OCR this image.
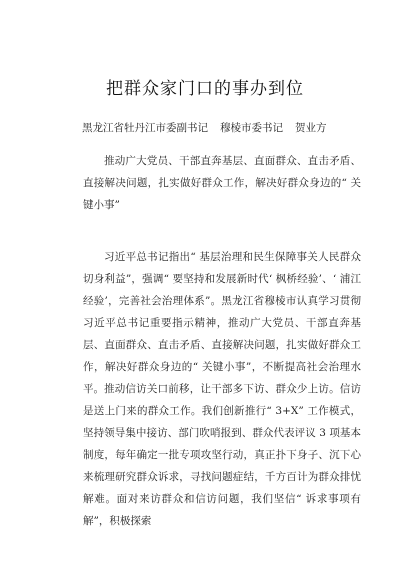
把群众家门口的事办到位
黑龙江省牡丹江市委副书记 穆棱市委书记 贺业方
推动广大党员、干部直奔基层、直面群众、直击矛盾、直接解决问题，扎实做好群众工作，解决好群众身边的“ 关键小事”
习近平总书记指出“ 基层治理和民生保障事关人民群众切身利益”，强调“ 要坚持和发展新时代‘ 枫桥经验’、‘ 浦江经验’，完善社会治理体系”。黑龙江省穆棱市认真学习贯彻习近平总书记重要指示精神，推动广大党员、干部直奔基层、直面群众、直击矛盾、直接解决问题，扎实做好群众工作，解决好群众身边的“ 关键小事”，不断提高社会治理水平。 推动信访关口前移，让干部多下访、群众少上访。信访是送上门来的群众工作。我们创新推行“ 3+X” 工作模式，坚持领导集中接访、部门吹哨报到、群众代表评议 3 项基本制度，每年确定一批专项攻坚行动，真正扑下身子、沉下心来梳理研究群众诉求，寻找问题症结，千方百计为群众排忧解难。面对来访群众和信访问题，我们坚信“ 诉求事项有解”，积极探索
